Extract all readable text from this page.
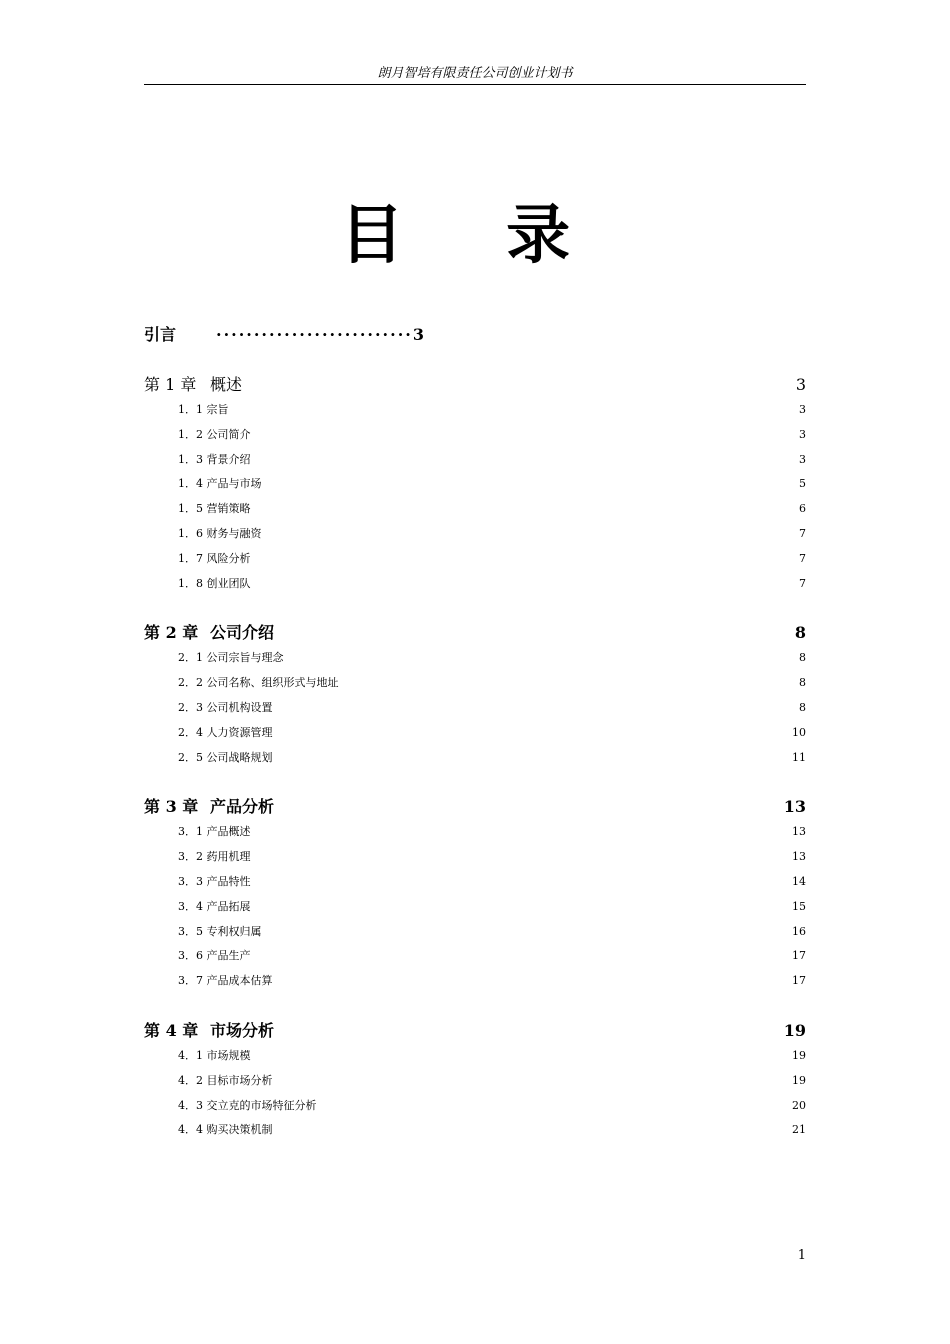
朗月智培有限责任公司创业计划书
目 录
引言 ··························3
第 1 章 概述	3
1．1 宗旨	3
1．2 公司简介	3
1．3 背景介绍	3
1．4 产品与市场	5
1．5 营销策略	6
1．6 财务与融资	7
1．7 风险分析	7
1．8 创业团队	7
第 2 章 公司介绍	8
2．1 公司宗旨与理念	8
2．2 公司名称、组织形式与地址	8
2．3 公司机构设置	8
2．4 人力资源管理	10
2．5 公司战略规划	11
第 3 章 产品分析	13
3．1 产品概述	13
3．2 药用机理	13
3．3 产品特性	14
3．4 产品拓展	15
3．5 专利权归属	16
3．6 产品生产	17
3．7 产品成本估算	17
第 4 章 市场分析	19
4．1 市场规模	19
4．2 目标市场分析	19
4．3 交立克的市场特征分析	20
4．4 购买决策机制	21
1
